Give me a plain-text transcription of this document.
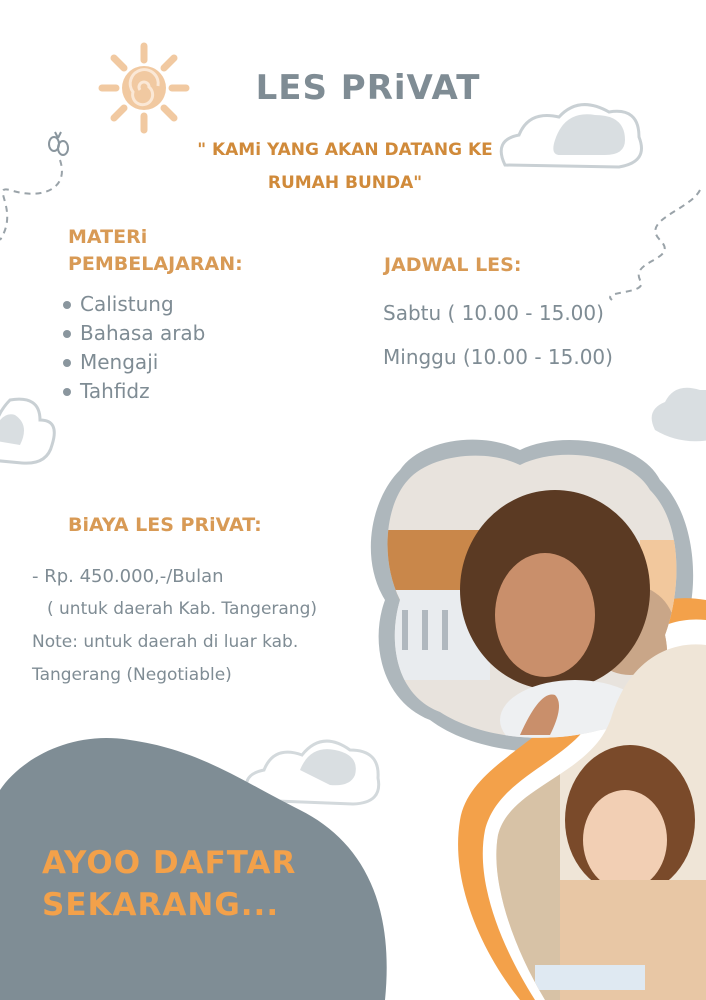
LES PRiVAT
" KAMi YANG AKAN DATANG KE
RUMAH BUNDA"
MATERi
PEMBELAJARAN:
Calistung
Bahasa arab
Mengaji
Tahfidz
JADWAL LES:
Sabtu ( 10.00 - 15.00)
Minggu (10.00 - 15.00)
BiAYA LES PRiVAT:
- Rp. 450.000,-/Bulan
( untuk daerah Kab. Tangerang)
Note: untuk daerah di luar kab.
Tangerang (Negotiable)
AYOO DAFTAR
SEKARANG...
